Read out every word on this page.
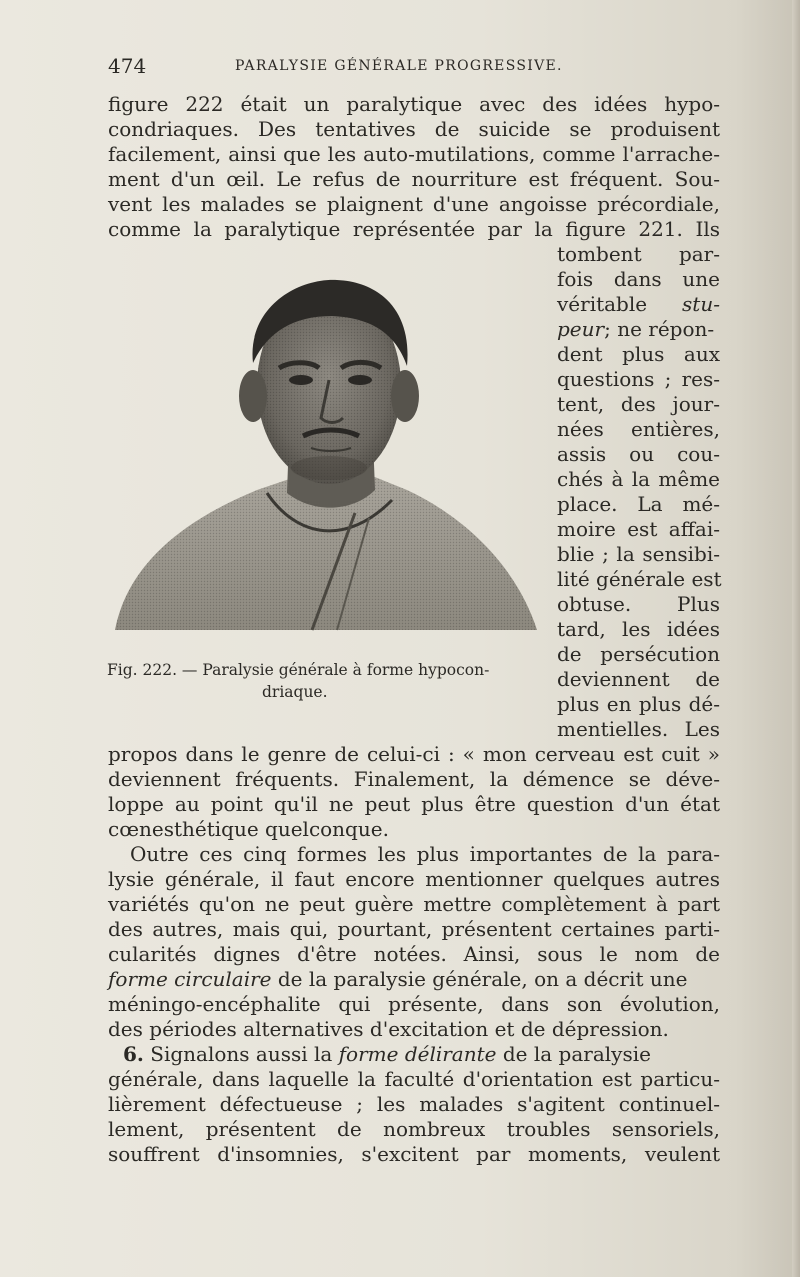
474	PARALYSIE GÉNÉRALE PROGRESSIVE.
figure 222 était un paralytique avec des idées hypo-
condriaques. Des tentatives de suicide se produisent
facilement, ainsi que les auto-mutilations, comme l'arrache-
ment d'un œil. Le refus de nourriture est fréquent. Sou-
vent les malades se plaignent d'une angoisse précordiale,
comme la paralytique représentée par la figure 221. Ils
tombent par-
fois dans une
véritable stu-
peur; ne répon-
dent plus aux
questions ; res-
tent, des jour-
nées entières,
assis ou cou-
chés à la même
place. La mé-
moire est affai-
blie ; la sensibi-
lité générale est
obtuse. Plus
tard, les idées
de persécution
deviennent de
plus en plus dé-
mentielles. Les
Fig. 222. — Paralysie générale à forme hypocon-
driaque.
propos dans le genre de celui-ci : « mon cerveau est cuit »
deviennent fréquents. Finalement, la démence se déve-
loppe au point qu'il ne peut plus être question d'un état
cœnesthétique quelconque.
Outre ces cinq formes les plus importantes de la para-
lysie générale, il faut encore mentionner quelques autres
variétés qu'on ne peut guère mettre complètement à part
des autres, mais qui, pourtant, présentent certaines parti-
cularités dignes d'être notées. Ainsi, sous le nom de
forme circulaire de la paralysie générale, on a décrit une
méningo-encéphalite qui présente, dans son évolution,
des périodes alternatives d'excitation et de dépression.
6. Signalons aussi la forme délirante de la paralysie
générale, dans laquelle la faculté d'orientation est particu-
lièrement défectueuse ; les malades s'agitent continuel-
lement, présentent de nombreux troubles sensoriels,
souffrent d'insomnies, s'excitent par moments, veulent
